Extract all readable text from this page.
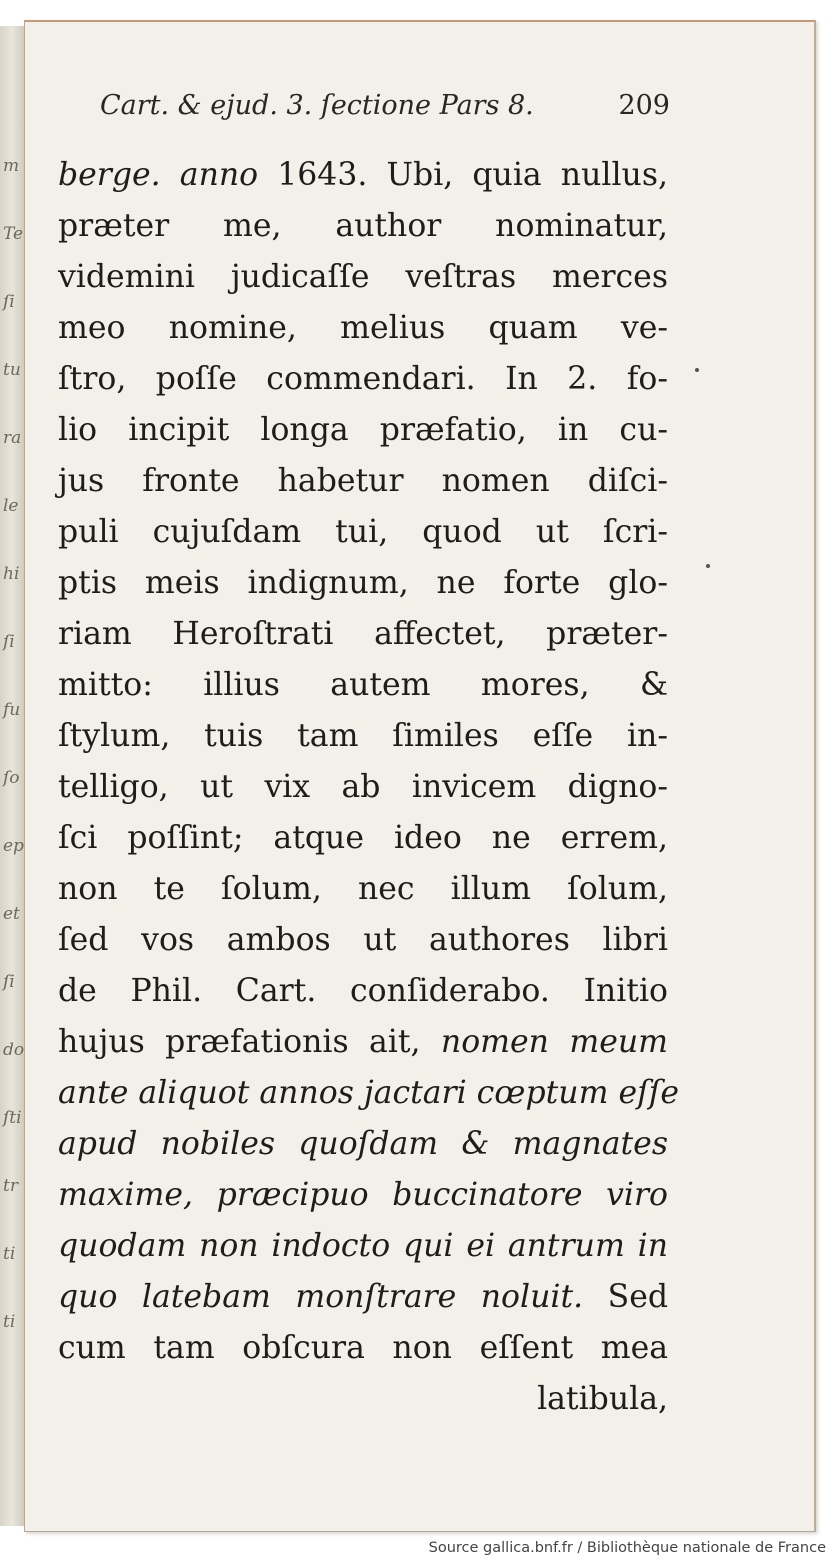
m
Te
ſi
tu
ra
le
hi
ſi
fu
ſo
ep
et
ſi
do
ſti
tr
ti
ti
Cart. & ejud. 3. ſectione Pars 8.	209
berge. anno 1643. Ubi, quia nullus,
præter me, author nominatur,
videmini judicaſſe veſtras merces
meo nomine, melius quam ve-
ſtro, poſſe commendari. In 2. fo-
lio incipit longa præfatio, in cu-
jus fronte habetur nomen diſci-
puli cujuſdam tui, quod ut ſcri-
ptis meis indignum, ne forte glo-
riam Heroſtrati affectet, præter-
mitto: illius autem mores, &
ſtylum, tuis tam ſimiles eſſe in-
telligo, ut vix ab invicem digno-
ſci poſſint; atque ideo ne errem,
non te ſolum, nec illum ſolum,
ſed vos ambos ut authores libri
de Phil. Cart. conſiderabo. Initio
hujus præfationis ait, nomen meum
ante aliquot annos jactari cœptum eſſe
apud nobiles quoſdam & magnates
maxime, præcipuo buccinatore viro
quodam non indocto qui ei antrum in
quo latebam monſtrare noluit. Sed
cum tam obſcura non eſſent mea
latibula,
Source gallica.bnf.fr / Bibliothèque nationale de France
